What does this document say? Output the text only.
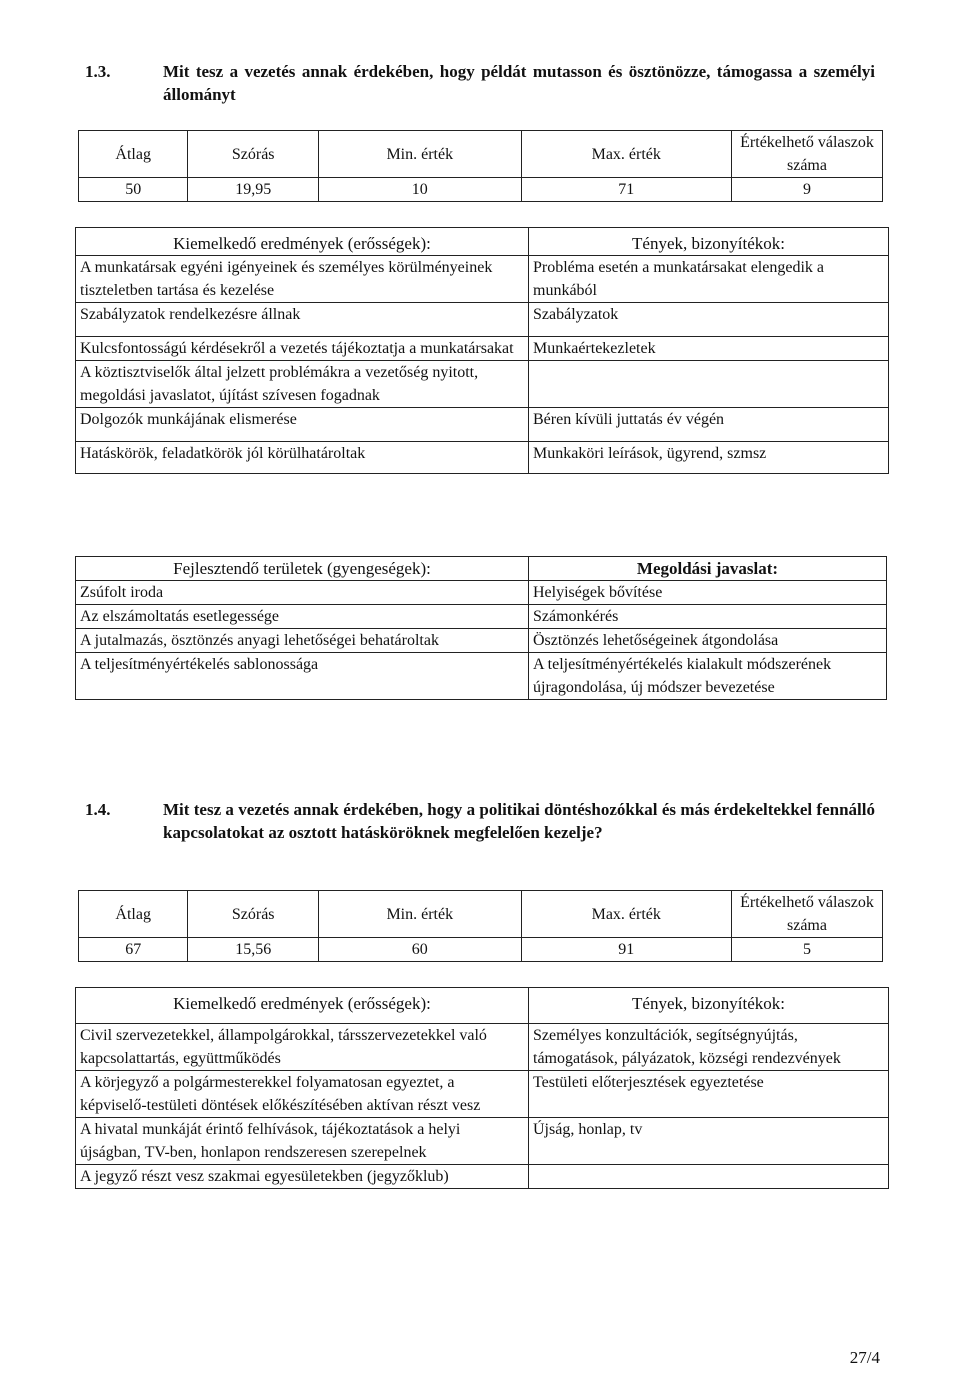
1.3.	Mit tesz a vezetés annak érdekében, hogy példát mutasson és ösztönözze, támogassa a személyi állományt
Átlag	Szórás	Min. érték	Max. érték	Értékelhető válaszok száma
50	19,95	10	71	9
Kiemelkedő eredmények (erősségek):	Tények, bizonyítékok:
A munkatársak egyéni igényeinek és személyes körülményeinek tiszteletben tartása és kezelése	Probléma esetén a munkatársakat elengedik a munkából
Szabályzatok rendelkezésre állnak	Szabályzatok
Kulcsfontosságú kérdésekről a vezetés tájékoztatja a munkatársakat	Munkaértekezletek
A köztisztviselők által jelzett problémákra a vezetőség nyitott, megoldási javaslatot, újítást szívesen fogadnak	
Dolgozók munkájának elismerése	Béren kívüli juttatás év végén
Hatáskörök, feladatkörök jól körülhatároltak	Munkaköri leírások, ügyrend, szmsz
Fejlesztendő területek (gyengeségek):	Megoldási javaslat:
Zsúfolt iroda	Helyiségek bővítése
Az elszámoltatás esetlegessége	Számonkérés
A jutalmazás, ösztönzés anyagi lehetőségei behatároltak	Ösztönzés lehetőségeinek átgondolása
A teljesítményértékelés sablonossága	A teljesítményértékelés kialakult módszerének újragondolása, új módszer bevezetése
1.4.	Mit tesz a vezetés annak érdekében, hogy a politikai döntéshozókkal és más érdekeltekkel fennálló kapcsolatokat az osztott hatásköröknek megfelelően kezelje?
Átlag	Szórás	Min. érték	Max. érték	Értékelhető válaszok száma
67	15,56	60	91	5
Kiemelkedő eredmények (erősségek):	Tények, bizonyítékok:
Civil szervezetekkel, állampolgárokkal, társszervezetekkel való kapcsolattartás, együttműködés	Személyes konzultációk, segítségnyújtás, támogatások, pályázatok, községi rendezvények
A körjegyző a polgármesterekkel folyamatosan egyeztet, a képviselő-testületi döntések előkészítésében aktívan részt vesz	Testületi előterjesztések egyeztetése
A hivatal munkáját érintő felhívások, tájékoztatások a helyi újságban, TV-ben, honlapon rendszeresen szerepelnek	Újság, honlap, tv
A jegyző részt vesz szakmai egyesületekben (jegyzőklub)	
27/4
